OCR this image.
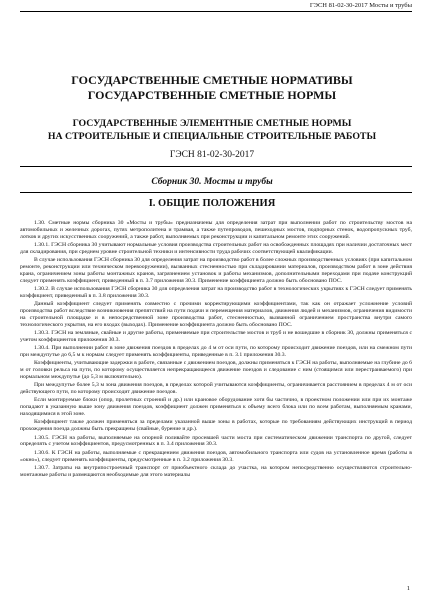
ГЭСН 81-02-30-2017 Мосты и трубы
ГОСУДАРСТВЕННЫЕ СМЕТНЫЕ НОРМАТИВЫ
ГОСУДАРСТВЕННЫЕ СМЕТНЫЕ НОРМЫ
ГОСУДАРСТВЕННЫЕ ЭЛЕМЕНТНЫЕ СМЕТНЫЕ НОРМЫ
НА СТРОИТЕЛЬНЫЕ И СПЕЦИАЛЬНЫЕ СТРОИТЕЛЬНЫЕ РАБОТЫ
ГЭСН 81-02-30-2017
Сборник 30. Мосты и трубы
I. ОБЩИЕ ПОЛОЖЕНИЯ

1.30. Сметные нормы сборника 30 «Мосты и трубы» предназначены для определения затрат при выполнении работ по строительству мостов на автомобильных и железных дорогах, путях метрополитена и трамвая, а также путепроводов, пешеходных мостов, подпорных стенок, водопропускных труб, лотков и других искусственных сооружений, а также работ, выполняемых при реконструкции и капитальном ремонте этих сооружений.

1.30.1. ГЭСН сборника 30 учитывают нормальные условия производства строительных работ на освобожденных площадях при наличии достаточных мест для складирования, при среднем уровне строительной техники и интенсивности труда рабочих соответствующей квалификации.

В случае использования ГЭСН сборника 30 для определения затрат на производство работ в более сложных производственных условиях (при капитальном ремонте, реконструкции или техническом перевооружении), вызванных стесненностью при складировании материалов, производством работ в зоне действия крана, ограничением зоны работы монтажных кранов, загрязнением установок и работы механизмов, дополнительными переходами при подаче конструкций следует применять коэффициент, приведенный в п. 3.7 приложения 30.3. Применение коэффициента должно быть обосновано ПОС.

1.30.2. В случае использования ГЭСН сборника 30 для определения затрат на производство работ в технологических укрытиях к ГЭСН следует применять коэффициент, приведенный в п. 3.8 приложения 30.3.

Данный коэффициент следует применять совместно с прочими корректирующими коэффициентами, так как он отражает усложнение условий производства работ вследствие возникновения препятствий на пути подачи и перемещения материалов, движения людей и механизмов, ограничения видимости на строительной площадке и в непосредственной зоне производства работ, стесненностью, вызванной ограничением пространства внутри самого технологического укрытия, на его входах (выходах). Применение коэффициента должно быть обосновано ПОС.

1.30.3. ГЭСН на земляные, свайные и другие работы, применяемые при строительстве мостов и труб и не вошедшие в сборник 30, должны применяться с учетом коэффициентов приложения 30.3.

1.30.4. При выполнении работ в зоне движения поездов в пределах до 4 м от оси пути, по которому происходит движение поездов, или на смежном пути при междупутье до 6,5 м к нормам следует применять коэффициенты, приведенные в п. 3.1 приложения 30.3.

Коэффициенты, учитывающие задержки в работе, связанные с движением поездов, должны применяться к ГЭСН на работы, выполняемые на глубине до 6 м от головки рельса на пути, по которому осуществляется непрекращающееся движение поездов и следование с ним (стоящимся или перестраиваемого) при нормальном междупутье (до 5,3 м включительно).

При междупутье более 5,3 м зона движения поездов, в пределах которой учитываются коэффициенты, ограничивается расстоянием в пределах 4 м от оси действующего пути, по которому происходит движение поездов.

Если монтируемые блоки (опор, пролетных строений и др.) или крановое оборудование хотя бы частично, в проектном положении или при их монтаже попадают в указанную выше зону движения поездов, коэффициент должен применяться к объему всего блока или по всем работам, выполняемым кранами, находящимися в этой зоне.

Коэффициент также должен применяться за пределами указанной выше зоны в работах, которые по требованиям действующих инструкций в период прохождения поезда должны быть прекращены (свайные, бурение и др.).

1.30.5. ГЭСН на работы, выполняемые на опорной поливайте просевшей части моста при систематическом движении транспорта по другой, следует определять с учетом коэффициентов, предусмотренных в п. 3.4 приложения 30.3.

1.30.6. К ГЭСН на работы, выполняемые с прекращением движения поездов, автомобильного транспорта или судов на установленное время (работы в «окно»), следует применять коэффициенты, предусмотренные в п. 3.2 приложения 30.3.

1.30.7. Затраты на внутрипостроечный транспорт от приобъектного склада до участка, на котором непосредственно осуществляются строительно-монтажные работы и размещаются необходимые для этого материалы

1
